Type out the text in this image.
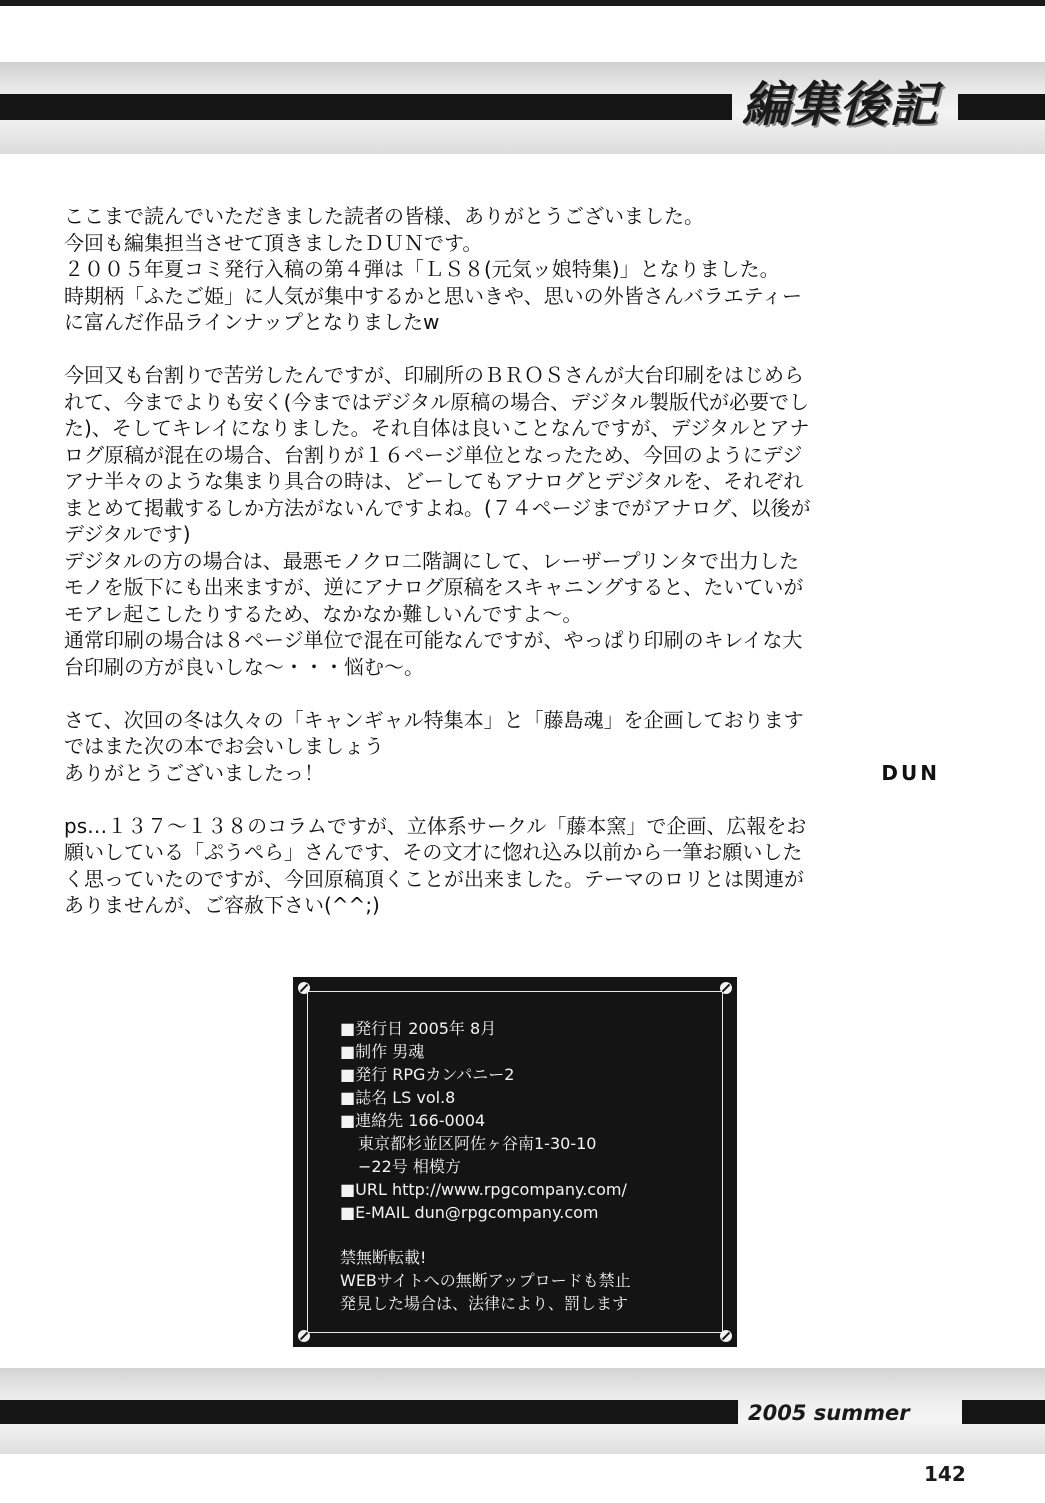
編集後記
ここまで読んでいただきました読者の皆様、ありがとうございました。
今回も編集担当させて頂きましたＤＵＮです。
２００５年夏コミ発行入稿の第４弾は「ＬＳ８(元気ッ娘特集)」となりました。
時期柄「ふたご姫」に人気が集中するかと思いきや、思いの外皆さんバラエティー
に富んだ作品ラインナップとなりましたw
今回又も台割りで苦労したんですが、印刷所のＢＲＯＳさんが大台印刷をはじめら
れて、今までよりも安く(今まではデジタル原稿の場合、デジタル製版代が必要でし
た)、そしてキレイになりました。それ自体は良いことなんですが、デジタルとアナ
ログ原稿が混在の場合、台割りが１６ページ単位となったため、今回のようにデジ
アナ半々のような集まり具合の時は、どーしてもアナログとデジタルを、それぞれ
まとめて掲載するしか方法がないんですよね。(７４ページまでがアナログ、以後が
デジタルです)
デジタルの方の場合は、最悪モノクロ二階調にして、レーザープリンタで出力した
モノを版下にも出来ますが、逆にアナログ原稿をスキャニングすると、たいていが
モアレ起こしたりするため、なかなか難しいんですよ〜。
通常印刷の場合は８ページ単位で混在可能なんですが、やっぱり印刷のキレイな大
台印刷の方が良いしな〜・・・悩む〜。
さて、次回の冬は久々の「キャンギャル特集本」と「藤島魂」を企画しております
ではまた次の本でお会いしましょう
ありがとうございましたっ！	DUN
ps…１３７〜１３８のコラムですが、立体系サークル「藤本窯」で企画、広報をお
願いしている「ぷうぺら」さんです、その文才に惚れ込み以前から一筆お願いした
く思っていたのですが、今回原稿頂くことが出来ました。テーマのロリとは関連が
ありませんが、ご容赦下さい(^^;)
■発行日 2005年 8月
■制作 男魂
■発行 RPGカンパニー2
■誌名 LS vol.8
■連絡先 166-0004
東京都杉並区阿佐ヶ谷南1-30-10
−22号 相模方
■URL http://www.rpgcompany.com/
■E-MAIL dun@rpgcompany.com
禁無断転載!
WEBサイトへの無断アップロードも禁止
発見した場合は、法律により、罰します
2005 summer
142
